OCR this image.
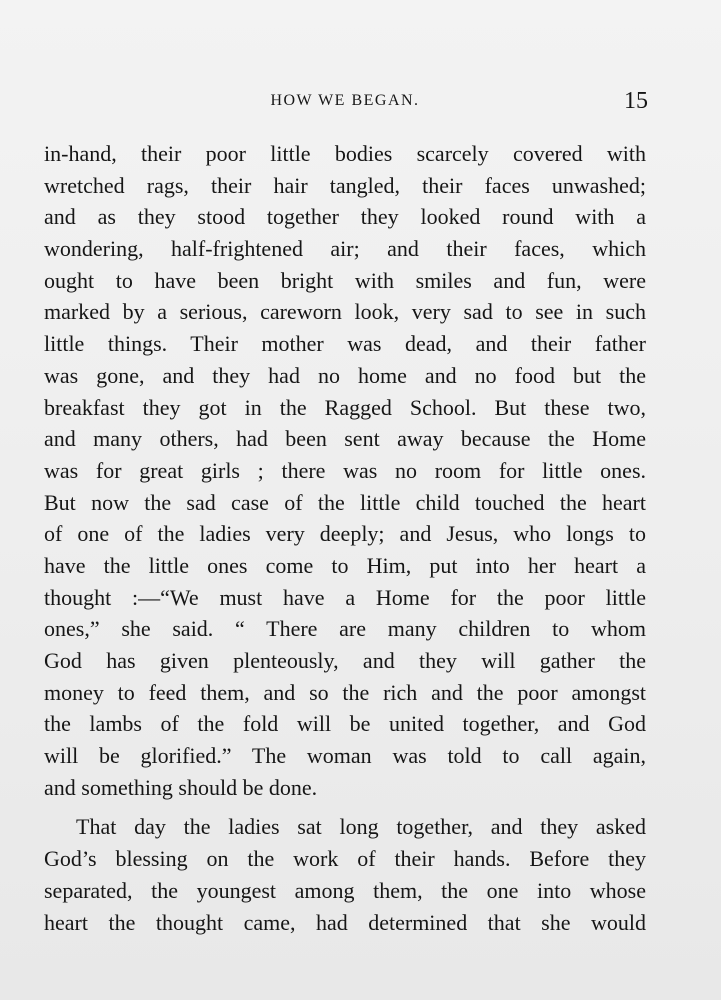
HOW WE BEGAN.	15
in-hand, their poor little bodies scarcely covered with
wretched rags, their hair tangled, their faces unwashed;
and as they stood together they looked round with a
wondering, half-frightened air; and their faces, which
ought to have been bright with smiles and fun, were
marked by a serious, careworn look, very sad to see in such
little things. Their mother was dead, and their father
was gone, and they had no home and no food but the
breakfast they got in the Ragged School. But these two,
and many others, had been sent away because the Home
was for great girls ; there was no room for little ones.
But now the sad case of the little child touched the heart
of one of the ladies very deeply; and Jesus, who longs to
have the little ones come to Him, put into her heart a
thought :—“We must have a Home for the poor little
ones,” she said. “ There are many children to whom
God has given plenteously, and they will gather the
money to feed them, and so the rich and the poor amongst
the lambs of the fold will be united together, and God
will be glorified.” The woman was told to call again,
and something should be done.
That day the ladies sat long together, and they asked
God’s blessing on the work of their hands. Before they
separated, the youngest among them, the one into whose
heart the thought came, had determined that she would
